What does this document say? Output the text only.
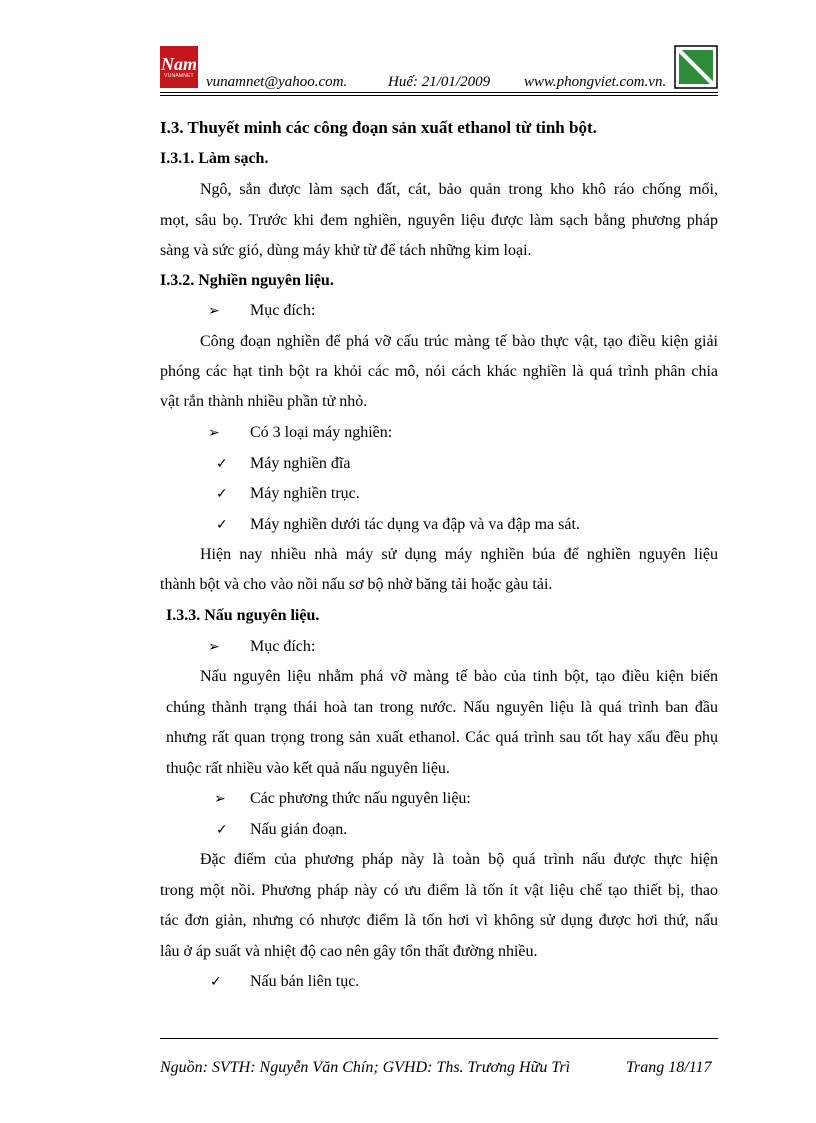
Nam
VUNAMNET vunamnet@yahoo.com.	Huế: 21/01/2009 www.phongviet.com.vn.
I.3. Thuyết minh các công đoạn sản xuất ethanol từ tinh bột.
I.3.1. Làm sạch.
Ngô, sắn được làm sạch đất, cát, bảo quản trong kho khô ráo chống mối,
mọt, sâu bọ. Trước khi đem nghiền, nguyên liệu được làm sạch bằng phương pháp
sàng và sức gió, dùng máy khử từ để tách những kim loại.
I.3.2. Nghiền nguyên liệu.
➢ Mục đích:
Công đoạn nghiền để phá vỡ cấu trúc màng tế bào thực vật, tạo điều kiện giải
phóng các hạt tinh bột ra khỏi các mô, nói cách khác nghiền là quá trình phân chia
vật rắn thành nhiều phần tử nhỏ.
➢ Có 3 loại máy nghiền:
✓ Máy nghiền đĩa
✓ Máy nghiền trục.
✓ Máy nghiền dưới tác dụng va đập và va đập ma sát.
Hiện nay nhiều nhà máy sử dụng máy nghiền búa để nghiền nguyên liệu
thành bột và cho vào nồi nấu sơ bộ nhờ băng tải hoặc gàu tải.
I.3.3. Nấu nguyên liệu.
➢ Mục đích:
Nấu nguyên liệu nhằm phá vỡ màng tế bào của tinh bột, tạo điều kiện biến
chúng thành trạng thái hoà tan trong nước. Nấu nguyên liệu là quá trình ban đầu
nhưng rất quan trọng trong sản xuất ethanol. Các quá trình sau tốt hay xấu đều phụ
thuộc rất nhiều vào kết quả nấu nguyên liệu.
➢ Các phương thức nấu nguyên liệu:
✓ Nấu gián đoạn.
Đặc điểm của phương pháp này là toàn bộ quá trình nấu được thực hiện
trong một nồi. Phương pháp này có ưu điểm là tốn ít vật liệu chế tạo thiết bị, thao
tác đơn giản, nhưng có nhược điểm là tốn hơi vì không sử dụng được hơi thứ, nấu
lâu ở áp suất và nhiệt độ cao nên gây tổn thất đường nhiều.
✓ Nấu bán liên tục.
Nguồn: SVTH: Nguyễn Văn Chín; GVHD: Ths. Trương Hữu Trì	Trang 18/117
